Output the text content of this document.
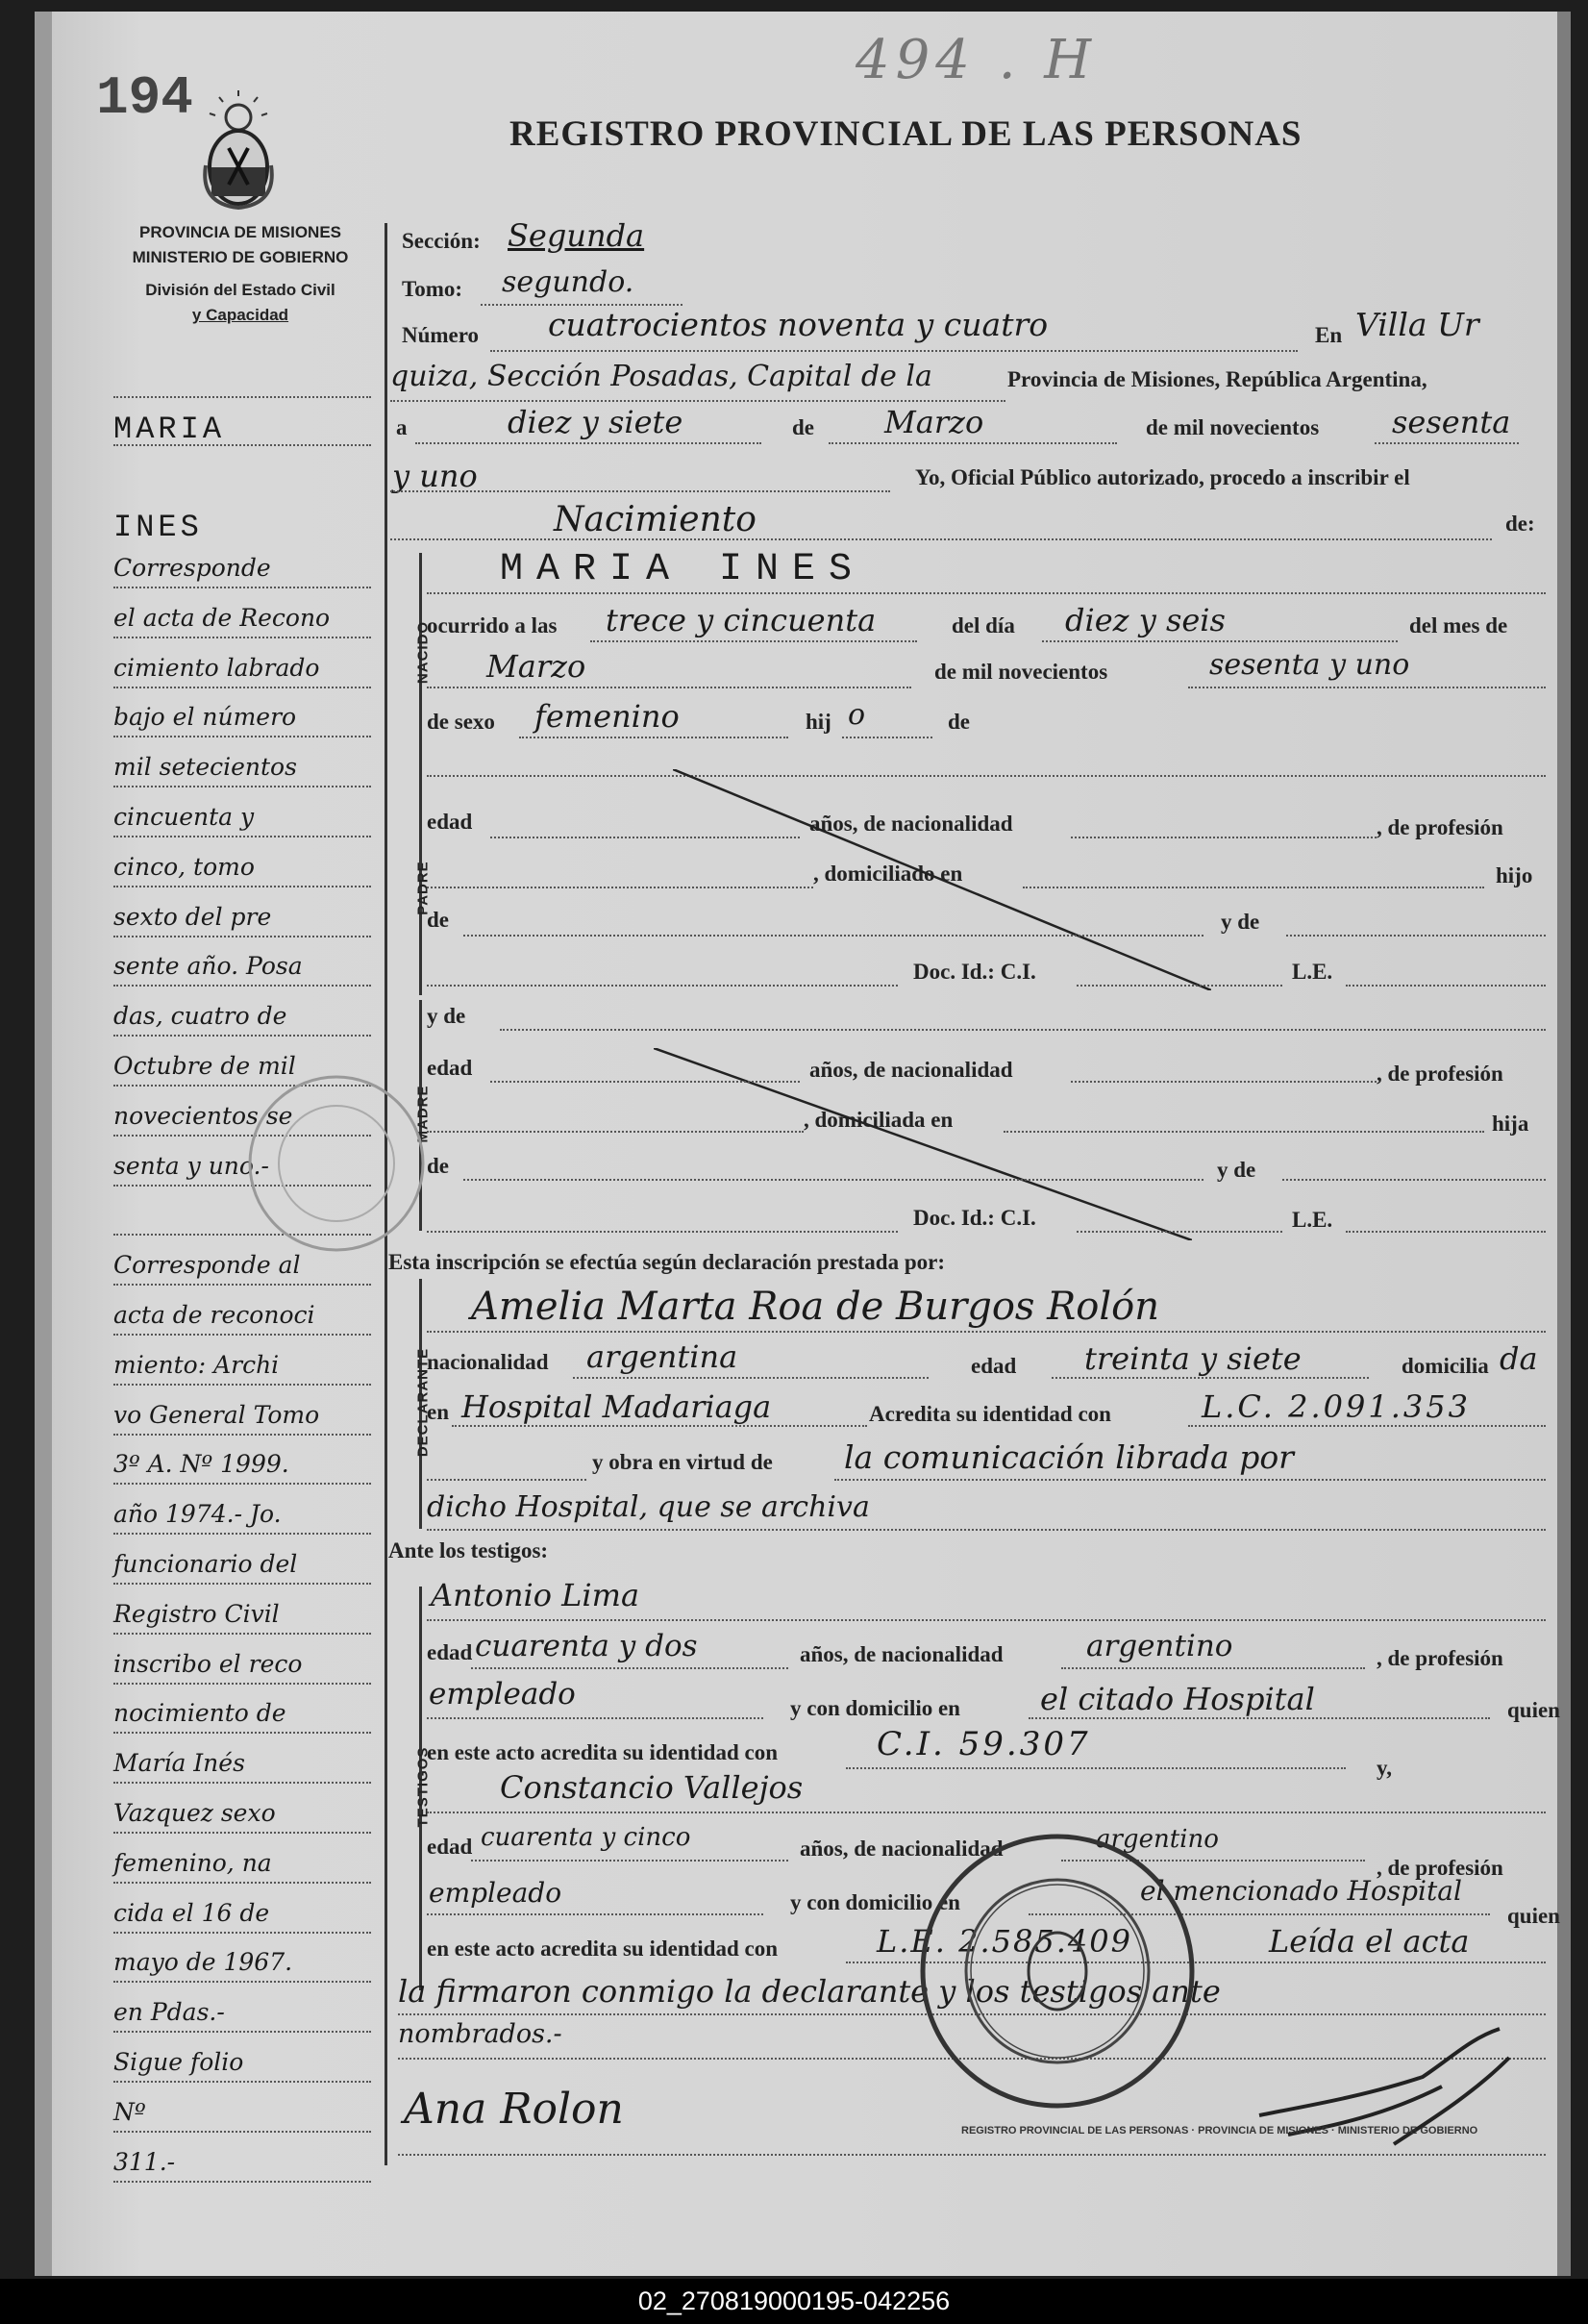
194
494 . H
REGISTRO PROVINCIAL DE LAS PERSONAS
PROVINCIA DE MISIONES
MINISTERIO DE GOBIERNO
División del Estado Civil
y Capacidad
MARIA
INES
Corresponde
el acta de Recono
cimiento labrado
bajo el número
mil setecientos
cincuenta y
cinco, tomo
sexto del pre
sente año. Posa
das, cuatro de
Octubre de mil
novecientos se
senta y uno.-
Corresponde al
acta de reconoci
miento: Archi
vo General Tomo
3º A. Nº 1999.
año 1974.- Jo.
funcionario del
Registro Civil
inscribo el reco
nocimiento de
María Inés
Vazquez sexo
femenino, na
cida el 16 de
mayo de 1967.
en Pdas.-
Sigue folio
Nº
311.-
NACIDO
PADRE
MADRE
DECLARANTE
TESTIGOS
Sección: Segunda
Tomo: segundo.
Número cuatrocientos noventa y cuatro	En Villa Ur
quiza, Sección Posadas, Capital de la	Provincia de Misiones, República Argentina,
a	diez y siete	de Marzo	de mil novecientos sesenta
y uno	Yo, Oficial Público autorizado, procedo a inscribir el
Nacimiento	de:
MARIA INES
ocurrido a las trece y cincuenta	del día diez y seis	del mes de
Marzo	de mil novecientos	sesenta y uno
de sexo femenino	hij o	de
edad	años, de nacionalidad	, de profesión
, domiciliado en	hijo
de	y de
Doc. Id.: C.I.	L.E.
y de
edad	años, de nacionalidad	, de profesión
, domiciliada en	hija
de	y de
Doc. Id.: C.I.	L.E.
Esta inscripción se efectúa según declaración prestada por:
Amelia Marta Roa de Burgos Rolón
nacionalidad argentina	edad treinta y siete	domicilia da
en Hospital Madariaga	Acredita su identidad con	L.C. 2.091.353
y obra en virtud de la comunicación librada por
dicho Hospital, que se archiva
Ante los testigos:
Antonio Lima
edad cuarenta y dos	años, de nacionalidad	argentino	, de profesión
empleado	y con domicilio en	el citado Hospital	quien
en este acto acredita su identidad con	C.I. 59.307
y,
Constancio Vallejos
edad cuarenta y cinco	años, de nacionalidad	argentino
, de profesión
empleado	y con domicilio en	el mencionado Hospital
quien
en este acto acredita su identidad con	L.E. 2.585.409	Leída el acta
la firmaron conmigo la declarante y los testigos ante
nombrados.-
Ana Rolon	REGISTRO PROVINCIAL DE LAS PERSONAS · PROVINCIA DE MISIONES · MINISTERIO DE GOBIERNO
02_270819000195-042256
